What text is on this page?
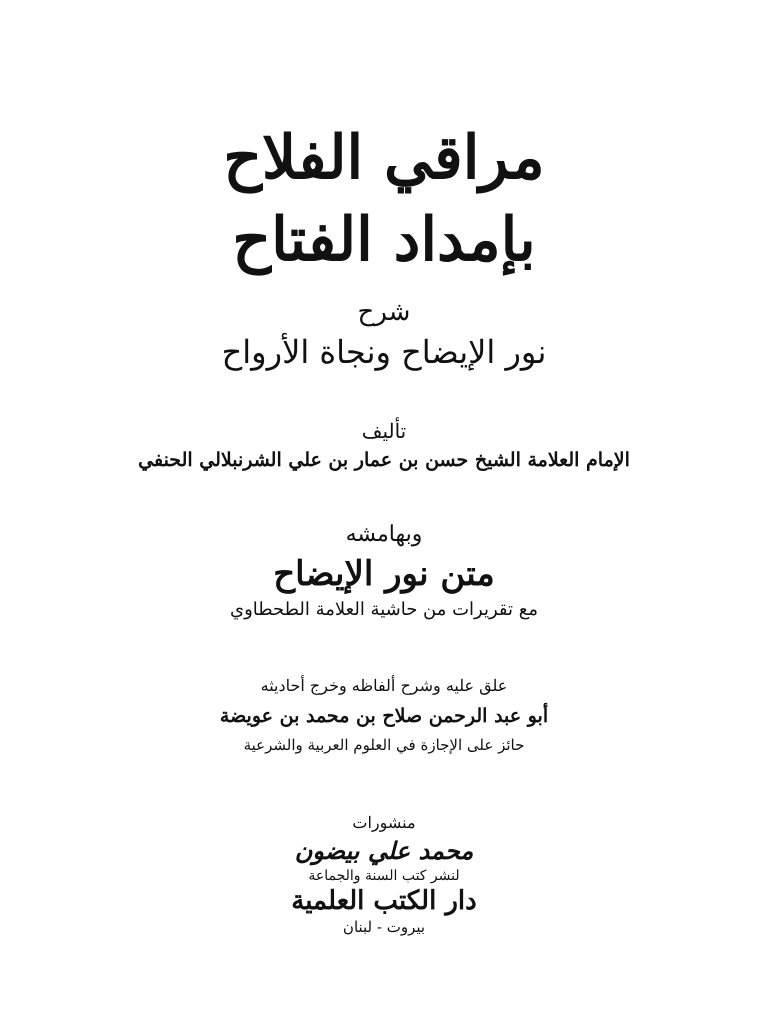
مراقي الفلاح
بإمداد الفتاح
شرح
نور الإيضاح ونجاة الأرواح
تأليف
الإمام العلامة الشيخ حسن بن عمار بن علي الشرنبلالي الحنفي
وبهامشه
متن نور الإيضاح
مع تقريرات من حاشية العلامة الطحطاوي
علق عليه وشرح ألفاظه وخرج أحاديثه
أبو عبد الرحمن صلاح بن محمد بن عويضة
حائز على الإجازة في العلوم العربية والشرعية
منشورات
محمد علي بيضون
لنشر كتب السنة والجماعة
دار الكتب العلمية
بيروت - لبنان
